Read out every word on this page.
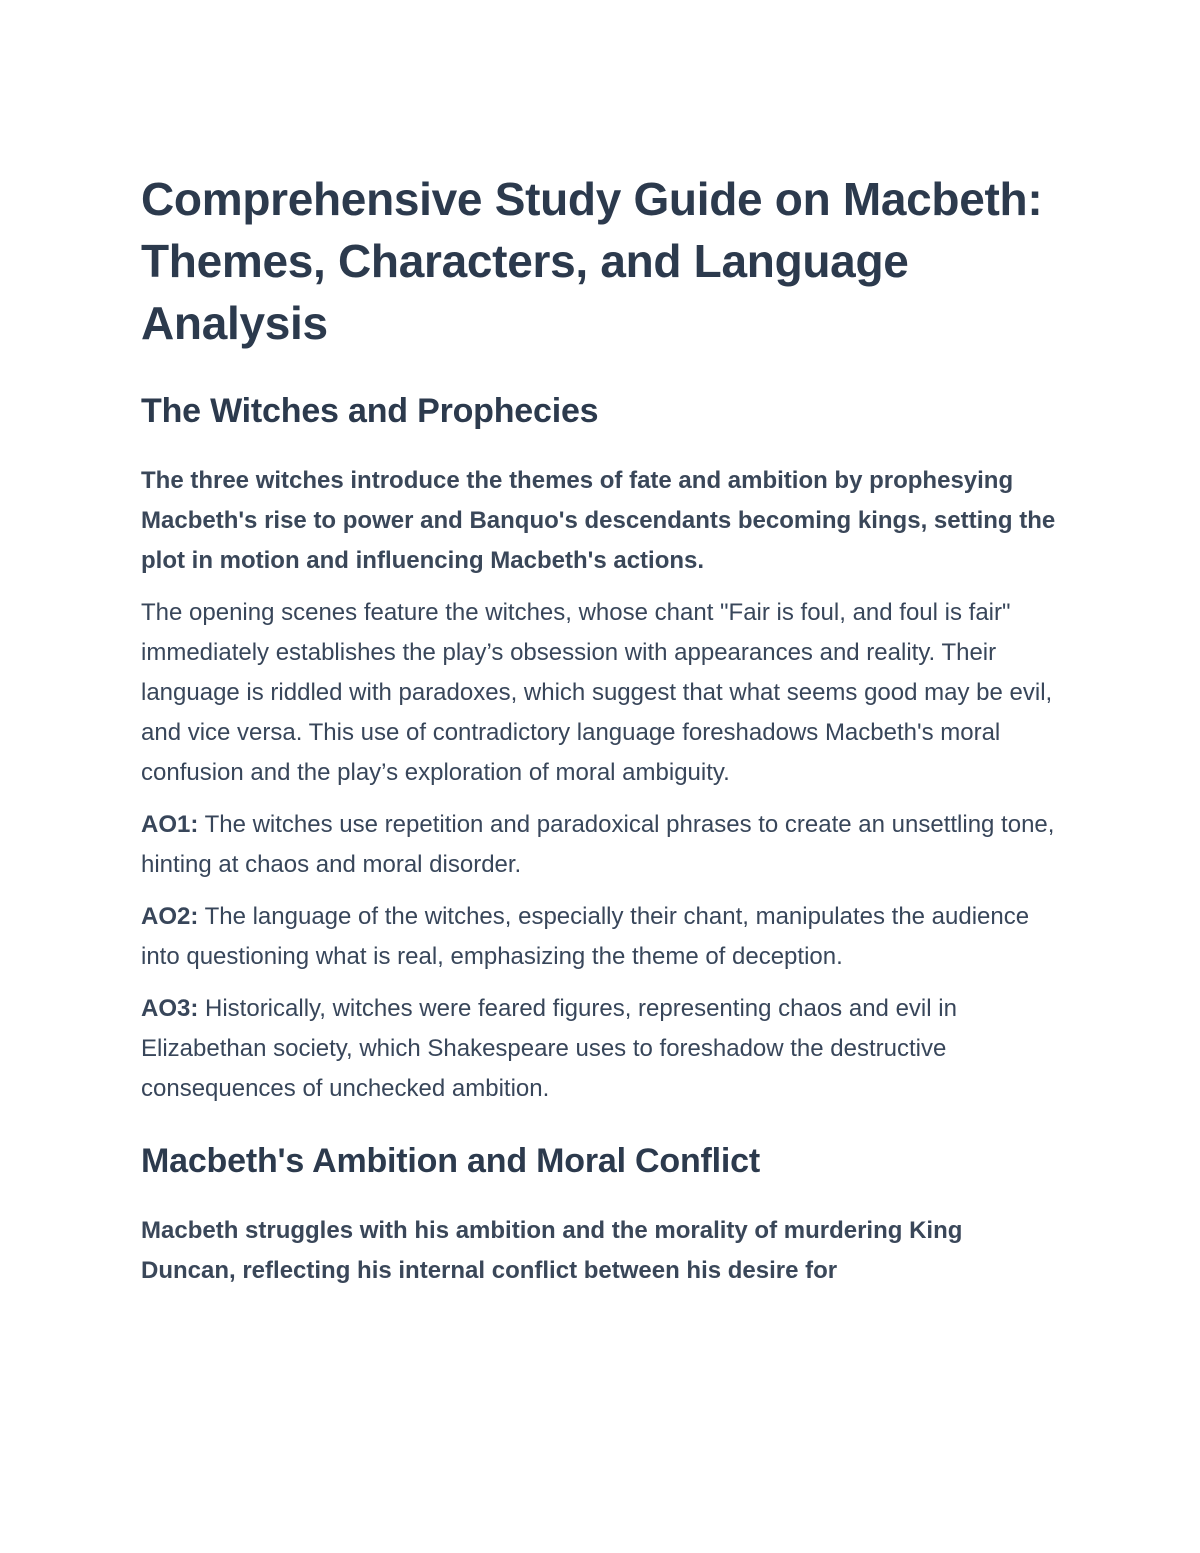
Comprehensive Study Guide on Macbeth: Themes, Characters, and Language Analysis
The Witches and Prophecies

The three witches introduce the themes of fate and ambition by prophesying Macbeth's rise to power and Banquo's descendants becoming kings, setting the plot in motion and influencing Macbeth's actions.

The opening scenes feature the witches, whose chant "Fair is foul, and foul is fair" immediately establishes the play’s obsession with appearances and reality. Their language is riddled with paradoxes, which suggest that what seems good may be evil, and vice versa. This use of contradictory language foreshadows Macbeth's moral confusion and the play’s exploration of moral ambiguity.

AO1: The witches use repetition and paradoxical phrases to create an unsettling tone, hinting at chaos and moral disorder.

AO2: The language of the witches, especially their chant, manipulates the audience into questioning what is real, emphasizing the theme of deception.

AO3: Historically, witches were feared figures, representing chaos and evil in Elizabethan society, which Shakespeare uses to foreshadow the destructive consequences of unchecked ambition.

Macbeth's Ambition and Moral Conflict

Macbeth struggles with his ambition and the morality of murdering King Duncan, reflecting his internal conflict between his desire for
